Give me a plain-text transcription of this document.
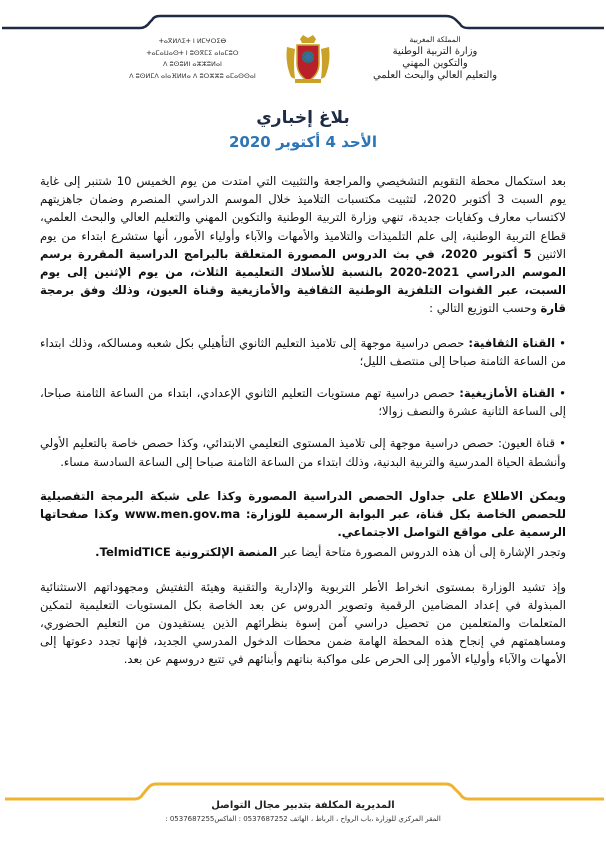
المملكة المغربية
وزارة التربية الوطنية
والتكوين المهني
والتعليم العالي والبحث العلمي
ⵜⴰⴳⵍⴷⵉⵜ ⵏ ⵍⵎⵖⵔⵉⴱ
ⵜⴰⵎⴰⵡⴰⵙⵜ ⵏ ⵓⵙⴳⵎⵉ ⴰⵏⴰⵎⵓⵔ
ⴷ ⵓⵙⵓⵍⵏ ⴰⵣⵣⵓⵍⴰⵏ
ⴷ ⵓⵙⵍⵎⴷ ⴰⵏⴰⴼⵍⵍⴰ ⴷ ⵓⵔⵣⵣⵓ ⴰⵎⴰⵙⵙⴰⵏ
بلاغ إخباري
الأحد 4 أكتوبر 2020

بعد استكمال محطة التقويم التشخيصي والمراجعة والتثبيت التي امتدت من يوم الخميس 10 شتنبر إلى غاية يوم السبت 3 أكتوبر 2020، لتثبيت مكتسبات التلاميذ خلال الموسم الدراسي المنصرم وضمان جاهزيتهم لاكتساب معارف وكفايات جديدة، تنهي وزارة التربية الوطنية والتكوين المهني والتعليم العالي والبحث العلمي، قطاع التربية الوطنية، إلى علم التلميذات والتلاميذ والأمهات والآباء وأولياء الأمور، أنها ستشرع ابتداء من يوم الاثنين 5 أكتوبر 2020، في بث الدروس المصورة المتعلقة بالبرامج الدراسية المقررة برسم الموسم الدراسي 2021-2020 بالنسبة للأسلاك التعليمية الثلاث، من يوم الإثنين إلى يوم السبت، عبر القنوات التلفزية الوطنية الثقافية والأمازيغية وقناة العيون، وذلك وفق برمجة قارة وحسب التوزيع التالي :

• القناة الثقافية: حصص دراسية موجهة إلى تلاميذ التعليم الثانوي التأهيلي بكل شعبه ومسالكه، وذلك ابتداء من الساعة الثامنة صباحا إلى منتصف الليل؛
• القناة الأمازيغية: حصص دراسية تهم مستويات التعليم الثانوي الإعدادي، ابتداء من الساعة الثامنة صباحا، إلى الساعة الثانية عشرة والنصف زوالا؛
• قناة العيون: حصص دراسية موجهة إلى تلاميذ المستوى التعليمي الابتدائي، وكذا حصص خاصة بالتعليم الأولي وأنشطة الحياة المدرسية والتربية البدنية، وذلك ابتداء من الساعة الثامنة صباحا إلى الساعة السادسة مساء.

ويمكن الاطلاع على جداول الحصص الدراسية المصورة وكذا على شبكة البرمجة التفصيلية للحصص الخاصة بكل قناة، عبر البوابة الرسمية للوزارة: www.men.gov.ma وكذا صفحاتها الرسمية على مواقع التواصل الاجتماعي.

وتجدر الإشارة إلى أن هذه الدروس المصورة متاحة أيضا عبر المنصة الإلكترونية TelmidTICE.

وإذ تشيد الوزارة بمستوى انخراط الأطر التربوية والإدارية والتقنية وهيئة التفتيش ومجهوداتهم الاستثنائية المبذولة في إعداد المضامين الرقمية وتصوير الدروس عن بعد الخاصة بكل المستويات التعليمية لتمكين المتعلمات والمتعلمين من تحصيل دراسي آمن إسوة بنظرائهم الذين يستفيدون من التعليم الحضوري، ومساهمتهم في إنجاح هذه المحطة الهامة ضمن محطات الدخول المدرسي الجديد، فإنها تجدد دعوتها إلى الأمهات والآباء وأولياء الأمور إلى الحرص على مواكبة بناتهم وأبنائهم في تتبع دروسهم عن بعد.

المديرية المكلفة بتدبير مجال التواصل
المقر المركزي للوزارة ،باب الرواح ، الرباط ، الهاتف 0537687252 : الفاكس0537687255 :
